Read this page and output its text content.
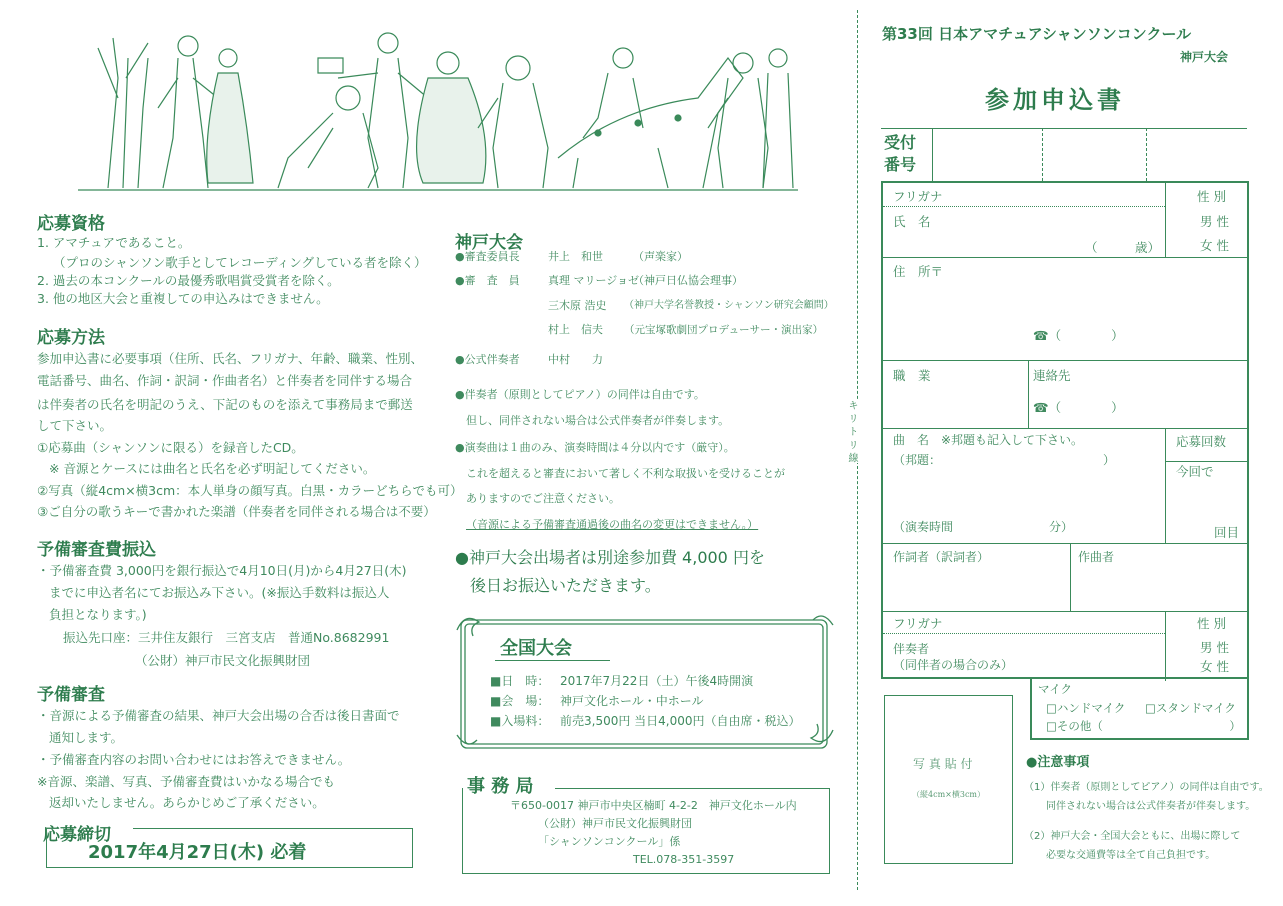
応募資格
1. アマチュアであること。
（プロのシャンソン歌手としてレコーディングしている者を除く）
2. 過去の本コンクールの最優秀歌唱賞受賞者を除く。
3. 他の地区大会と重複しての申込みはできません。
応募方法
参加申込書に必要事項（住所、氏名、フリガナ、年齢、職業、性別、
電話番号、曲名、作詞・訳詞・作曲者名）と伴奏者を同伴する場合
は伴奏者の氏名を明記のうえ、下記のものを添えて事務局まで郵送
して下さい。
①応募曲（シャンソンに限る）を録音したCD。
※ 音源とケースには曲名と氏名を必ず明記してください。
②写真（縦4cm×横3cm：本人単身の顔写真。白黒・カラーどちらでも可）
③ご自分の歌うキーで書かれた楽譜（伴奏者を同伴される場合は不要）
予備審査費振込
・予備審査費 3,000円を銀行振込で4月10日(月)から4月27日(木)
までに申込者名にてお振込み下さい。(※振込手数料は振込人
負担となります。)
振込先口座：三井住友銀行　三宮支店　普通No.8682991
（公財）神戸市民文化振興財団
予備審査
・音源による予備審査の結果、神戸大会出場の合否は後日書面で
通知します。
・予備審査内容のお問い合わせにはお答えできません。
※音源、楽譜、写真、予備審査費はいかなる場合でも
返却いたしません。あらかじめご了承ください。
応募締切
2017年4月27日(木) 必着
神戸大会
●審査委員長	井上　和世	（声楽家）
●審　査　員	真理 マリージョゼ
（神戸日仏協会理事）
三木原 浩史 （神戸大学名誉教授・シャンソン研究会顧問）
村上　信夫 （元宝塚歌劇団プロデューサー・演出家）
●公式伴奏者	中村　　力
●伴奏者（原則としてピアノ）の同伴は自由です。
但し、同伴されない場合は公式伴奏者が伴奏します。
●演奏曲は１曲のみ、演奏時間は４分以内です（厳守）。
これを超えると審査において著しく不利な取扱いを受けることが
ありますのでご注意ください。
（音源による予備審査通過後の曲名の変更はできません。）
●神戸大会出場者は別途参加費 4,000 円を
後日お振込いただきます。
全国大会
■日　時： 2017年7月22日（土）午後4時開演
■会　場： 神戸文化ホール・中ホール
■入場料： 前売3,500円 当日4,000円（自由席・税込）
事 務 局
〒650-0017 神戸市中央区楠町 4-2-2　神戸文化ホール内
（公財）神戸市民文化振興財団
「シャンソンコンクール」係
TEL.078-351-3597
キ リ ト リ 線
第33回 日本アマチュアシャンソンコンクール
神戸大会
参加申込書
受付
番号
フリガナ	性 別
氏　名
（　　　歳）
男 性
女 性
住　所〒
☎（　　　　）
職　業	連絡先
☎（　　　　）
曲　名　※邦題も記入して下さい。
（邦題：　　　　　　　　　　　　　　）
（演奏時間　　　　　　　　分）
応募回数
今回で
回目
作詞者（訳詞者）	作曲者
フリガナ	性 別
伴奏者
（同伴者の場合のみ）
男 性
女 性
マイク
□ハンドマイク □スタンドマイク
□その他（　　　　　　　　　　　）
写 真 貼 付
（縦4cm×横3cm）
●注意事項
（1）伴奏者（原則としてピアノ）の同伴は自由です。
同伴されない場合は公式伴奏者が伴奏します。
（2）神戸大会・全国大会ともに、出場に際して
必要な交通費等は全て自己負担です。
